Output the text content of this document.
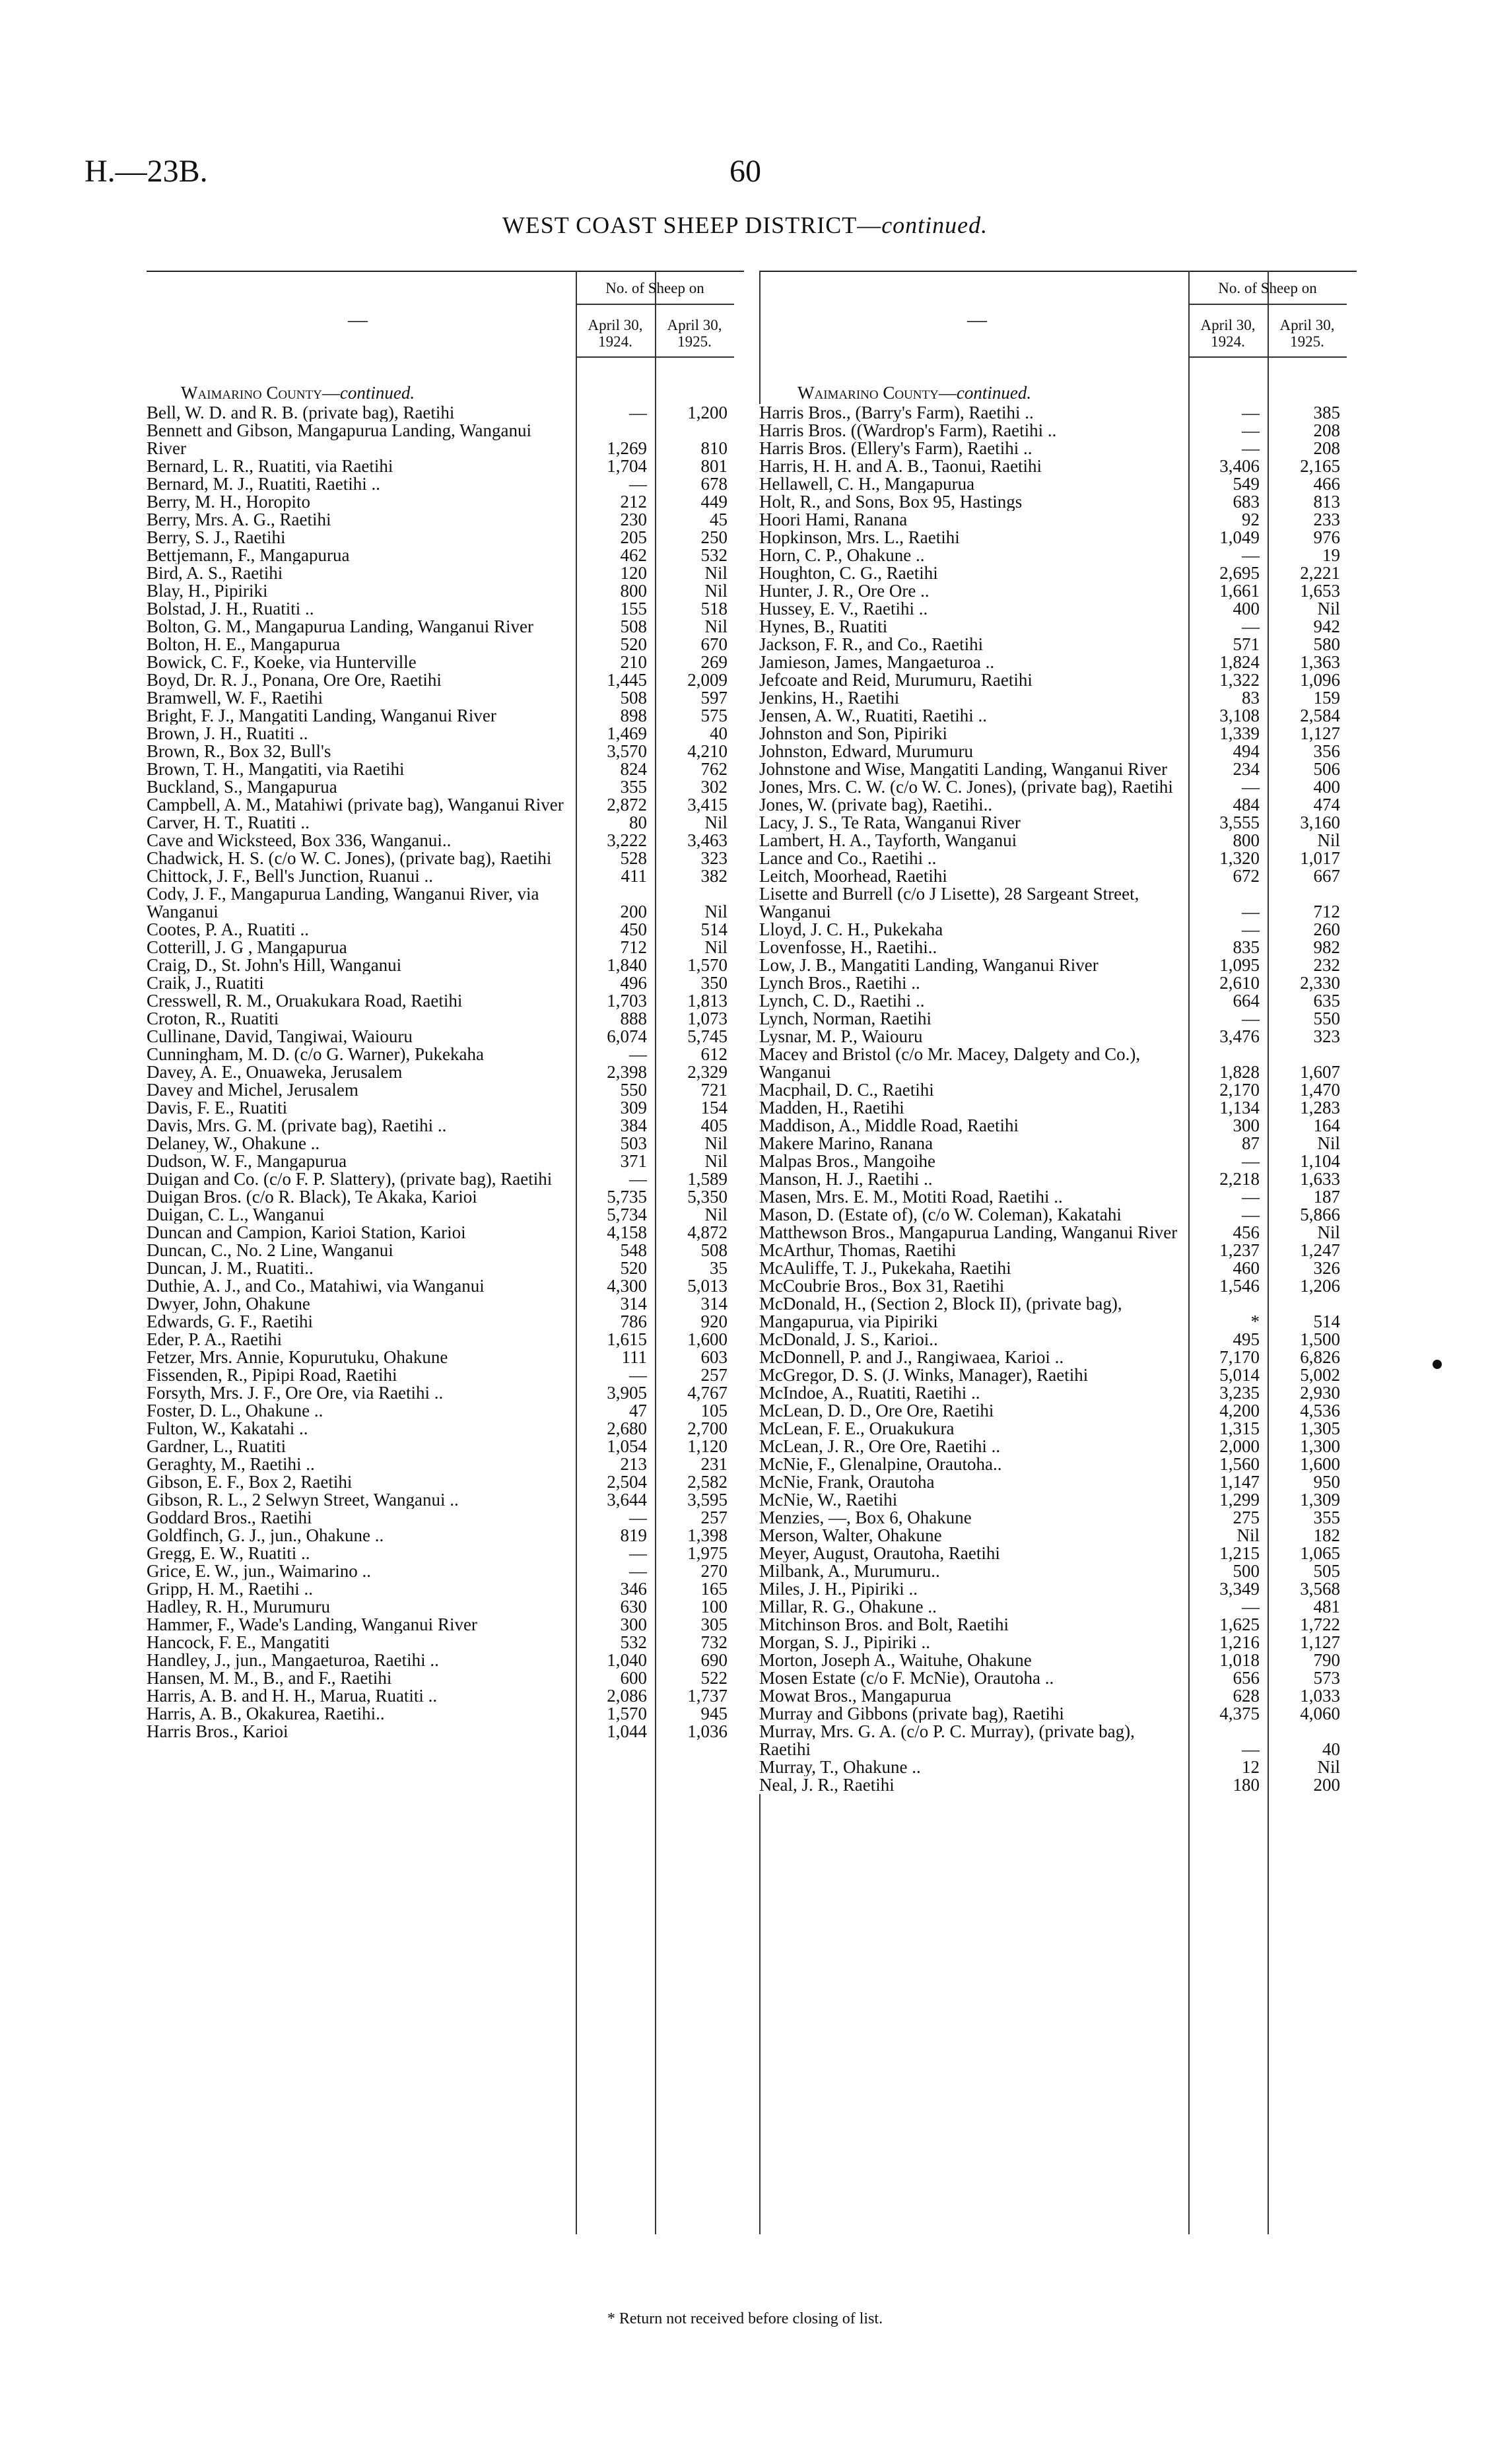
H.—23B.	60
WEST COAST SHEEP DISTRICT—continued.
—
No. of Sheep on
April 30,
1924.
April 30,
1925.
Waimarino County—continued.
Bell, W. D. and R. B. (private bag), Raetihi	—	1,200
Bennett and Gibson, Mangapurua Landing, Wanganui River	1,269	810
Bernard, L. R., Ruatiti, via Raetihi	1,704	801
Bernard, M. J., Ruatiti, Raetihi ..	—	678
Berry, M. H., Horopito	212	449
Berry, Mrs. A. G., Raetihi	230	45
Berry, S. J., Raetihi	205	250
Bettjemann, F., Mangapurua	462	532
Bird, A. S., Raetihi	120	Nil
Blay, H., Pipiriki	800	Nil
Bolstad, J. H., Ruatiti ..	155	518
Bolton, G. M., Mangapurua Landing, Wanganui River	508	Nil
Bolton, H. E., Mangapurua	520	670
Bowick, C. F., Koeke, via Hunterville	210	269
Boyd, Dr. R. J., Ponana, Ore Ore, Raetihi	1,445	2,009
Bramwell, W. F., Raetihi	508	597
Bright, F. J., Mangatiti Landing, Wanganui River	898	575
Brown, J. H., Ruatiti ..	1,469	40
Brown, R., Box 32, Bull's	3,570	4,210
Brown, T. H., Mangatiti, via Raetihi	824	762
Buckland, S., Mangapurua	355	302
Campbell, A. M., Matahiwi (private bag), Wanganui River	2,872	3,415
Carver, H. T., Ruatiti ..	80	Nil
Cave and Wicksteed, Box 336, Wanganui..	3,222	3,463
Chadwick, H. S. (c/o W. C. Jones), (private bag), Raetihi	528	323
Chittock, J. F., Bell's Junction, Ruanui ..	411	382
Cody, J. F., Mangapurua Landing, Wanganui River, via Wanganui	200	Nil
Cootes, P. A., Ruatiti ..	450	514
Cotterill, J. G , Mangapurua	712	Nil
Craig, D., St. John's Hill, Wanganui	1,840	1,570
Craik, J., Ruatiti	496	350
Cresswell, R. M., Oruakukara Road, Raetihi	1,703	1,813
Croton, R., Ruatiti	888	1,073
Cullinane, David, Tangiwai, Waiouru	6,074	5,745
Cunningham, M. D. (c/o G. Warner), Pukekaha	—	612
Davey, A. E., Onuaweka, Jerusalem	2,398	2,329
Davey and Michel, Jerusalem	550	721
Davis, F. E., Ruatiti	309	154
Davis, Mrs. G. M. (private bag), Raetihi ..	384	405
Delaney, W., Ohakune ..	503	Nil
Dudson, W. F., Mangapurua	371	Nil
Duigan and Co. (c/o F. P. Slattery), (private bag), Raetihi	—	1,589
Duigan Bros. (c/o R. Black), Te Akaka, Karioi	5,735	5,350
Duigan, C. L., Wanganui	5,734	Nil
Duncan and Campion, Karioi Station, Karioi	4,158	4,872
Duncan, C., No. 2 Line, Wanganui	548	508
Duncan, J. M., Ruatiti..	520	35
Duthie, A. J., and Co., Matahiwi, via Wanganui	4,300	5,013
Dwyer, John, Ohakune	314	314
Edwards, G. F., Raetihi	786	920
Eder, P. A., Raetihi	1,615	1,600
Fetzer, Mrs. Annie, Kopurutuku, Ohakune	111	603
Fissenden, R., Pipipi Road, Raetihi	—	257
Forsyth, Mrs. J. F., Ore Ore, via Raetihi ..	3,905	4,767
Foster, D. L., Ohakune ..	47	105
Fulton, W., Kakatahi ..	2,680	2,700
Gardner, L., Ruatiti	1,054	1,120
Geraghty, M., Raetihi ..	213	231
Gibson, E. F., Box 2, Raetihi	2,504	2,582
Gibson, R. L., 2 Selwyn Street, Wanganui ..	3,644	3,595
Goddard Bros., Raetihi	—	257
Goldfinch, G. J., jun., Ohakune ..	819	1,398
Gregg, E. W., Ruatiti ..	—	1,975
Grice, E. W., jun., Waimarino ..	—	270
Gripp, H. M., Raetihi ..	346	165
Hadley, R. H., Murumuru	630	100
Hammer, F., Wade's Landing, Wanganui River	300	305
Hancock, F. E., Mangatiti	532	732
Handley, J., jun., Mangaeturoa, Raetihi ..	1,040	690
Hansen, M. M., B., and F., Raetihi	600	522
Harris, A. B. and H. H., Marua, Ruatiti ..	2,086	1,737
Harris, A. B., Okakurea, Raetihi..	1,570	945
Harris Bros., Karioi	1,044	1,036
—
No. of Sheep on
April 30,
1924.
April 30,
1925.
Waimarino County—continued.
Harris Bros., (Barry's Farm), Raetihi ..	—	385
Harris Bros. ((Wardrop's Farm), Raetihi ..	—	208
Harris Bros. (Ellery's Farm), Raetihi ..	—	208
Harris, H. H. and A. B., Taonui, Raetihi	3,406	2,165
Hellawell, C. H., Mangapurua	549	466
Holt, R., and Sons, Box 95, Hastings	683	813
Hoori Hami, Ranana	92	233
Hopkinson, Mrs. L., Raetihi	1,049	976
Horn, C. P., Ohakune ..	—	19
Houghton, C. G., Raetihi	2,695	2,221
Hunter, J. R., Ore Ore ..	1,661	1,653
Hussey, E. V., Raetihi ..	400	Nil
Hynes, B., Ruatiti	—	942
Jackson, F. R., and Co., Raetihi	571	580
Jamieson, James, Mangaeturoa ..	1,824	1,363
Jefcoate and Reid, Murumuru, Raetihi	1,322	1,096
Jenkins, H., Raetihi	83	159
Jensen, A. W., Ruatiti, Raetihi ..	3,108	2,584
Johnston and Son, Pipiriki	1,339	1,127
Johnston, Edward, Murumuru	494	356
Johnstone and Wise, Mangatiti Landing, Wanganui River	234	506
Jones, Mrs. C. W. (c/o W. C. Jones), (private bag), Raetihi	—	400
Jones, W. (private bag), Raetihi..	484	474
Lacy, J. S., Te Rata, Wanganui River	3,555	3,160
Lambert, H. A., Tayforth, Wanganui	800	Nil
Lance and Co., Raetihi ..	1,320	1,017
Leitch, Moorhead, Raetihi	672	667
Lisette and Burrell (c/o J Lisette), 28 Sargeant Street, Wanganui	—	712
Lloyd, J. C. H., Pukekaha	—	260
Lovenfosse, H., Raetihi..	835	982
Low, J. B., Mangatiti Landing, Wanganui River	1,095	232
Lynch Bros., Raetihi ..	2,610	2,330
Lynch, C. D., Raetihi ..	664	635
Lynch, Norman, Raetihi	—	550
Lysnar, M. P., Waiouru	3,476	323
Macey and Bristol (c/o Mr. Macey, Dalgety and Co.), Wanganui	1,828	1,607
Macphail, D. C., Raetihi	2,170	1,470
Madden, H., Raetihi	1,134	1,283
Maddison, A., Middle Road, Raetihi	300	164
Makere Marino, Ranana	87	Nil
Malpas Bros., Mangoihe	—	1,104
Manson, H. J., Raetihi ..	2,218	1,633
Masen, Mrs. E. M., Motiti Road, Raetihi ..	—	187
Mason, D. (Estate of), (c/o W. Coleman), Kakatahi	—	5,866
Matthewson Bros., Mangapurua Landing, Wanganui River	456	Nil
McArthur, Thomas, Raetihi	1,237	1,247
McAuliffe, T. J., Pukekaha, Raetihi	460	326
McCoubrie Bros., Box 31, Raetihi	1,546	1,206
McDonald, H., (Section 2, Block II), (private bag), Mangapurua, via Pipiriki	*	514
McDonald, J. S., Karioi..	495	1,500
McDonnell, P. and J., Rangiwaea, Karioi ..	7,170	6,826
McGregor, D. S. (J. Winks, Manager), Raetihi	5,014	5,002
McIndoe, A., Ruatiti, Raetihi ..	3,235	2,930
McLean, D. D., Ore Ore, Raetihi	4,200	4,536
McLean, F. E., Oruakukura	1,315	1,305
McLean, J. R., Ore Ore, Raetihi ..	2,000	1,300
McNie, F., Glenalpine, Orautoha..	1,560	1,600
McNie, Frank, Orautoha	1,147	950
McNie, W., Raetihi	1,299	1,309
Menzies, —, Box 6, Ohakune	275	355
Merson, Walter, Ohakune	Nil	182
Meyer, August, Orautoha, Raetihi	1,215	1,065
Milbank, A., Murumuru..	500	505
Miles, J. H., Pipiriki ..	3,349	3,568
Millar, R. G., Ohakune ..	—	481
Mitchinson Bros. and Bolt, Raetihi	1,625	1,722
Morgan, S. J., Pipiriki ..	1,216	1,127
Morton, Joseph A., Waituhe, Ohakune	1,018	790
Mosen Estate (c/o F. McNie), Orautoha ..	656	573
Mowat Bros., Mangapurua	628	1,033
Murray and Gibbons (private bag), Raetihi	4,375	4,060
Murray, Mrs. G. A. (c/o P. C. Murray), (private bag), Raetihi	—	40
Murray, T., Ohakune ..	12	Nil
Neal, J. R., Raetihi	180	200
* Return not received before closing of list.
